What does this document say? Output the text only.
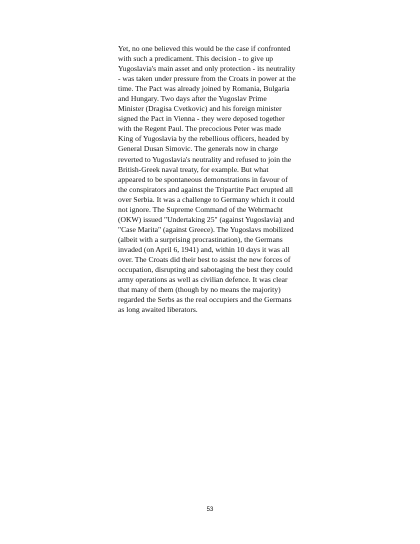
Yet, no one believed this would be the case if confronted
with such a predicament. This decision - to give up
Yugoslavia's main asset and only protection - its neutrality
- was taken under pressure from the Croats in power at the
time. The Pact was already joined by Romania, Bulgaria
and Hungary. Two days after the Yugoslav Prime
Minister (Dragisa Cvetkovic) and his foreign minister
signed the Pact in Vienna - they were deposed together
with the Regent Paul. The precocious Peter was made
King of Yugoslavia by the rebellious officers, headed by
General Dusan Simovic. The generals now in charge
reverted to Yugoslavia's neutrality and refused to join the
British-Greek naval treaty, for example. But what
appeared to be spontaneous demonstrations in favour of
the conspirators and against the Tripartite Pact erupted all
over Serbia. It was a challenge to Germany which it could
not ignore. The Supreme Command of the Wehrmacht
(OKW) issued "Undertaking 25" (against Yugoslavia) and
"Case Marita" (against Greece). The Yugoslavs mobilized
(albeit with a surprising procrastination), the Germans
invaded (on April 6, 1941) and, within 10 days it was all
over. The Croats did their best to assist the new forces of
occupation, disrupting and sabotaging the best they could
army operations as well as civilian defence. It was clear
that many of them (though by no means the majority)
regarded the Serbs as the real occupiers and the Germans
as long awaited liberators.
53
